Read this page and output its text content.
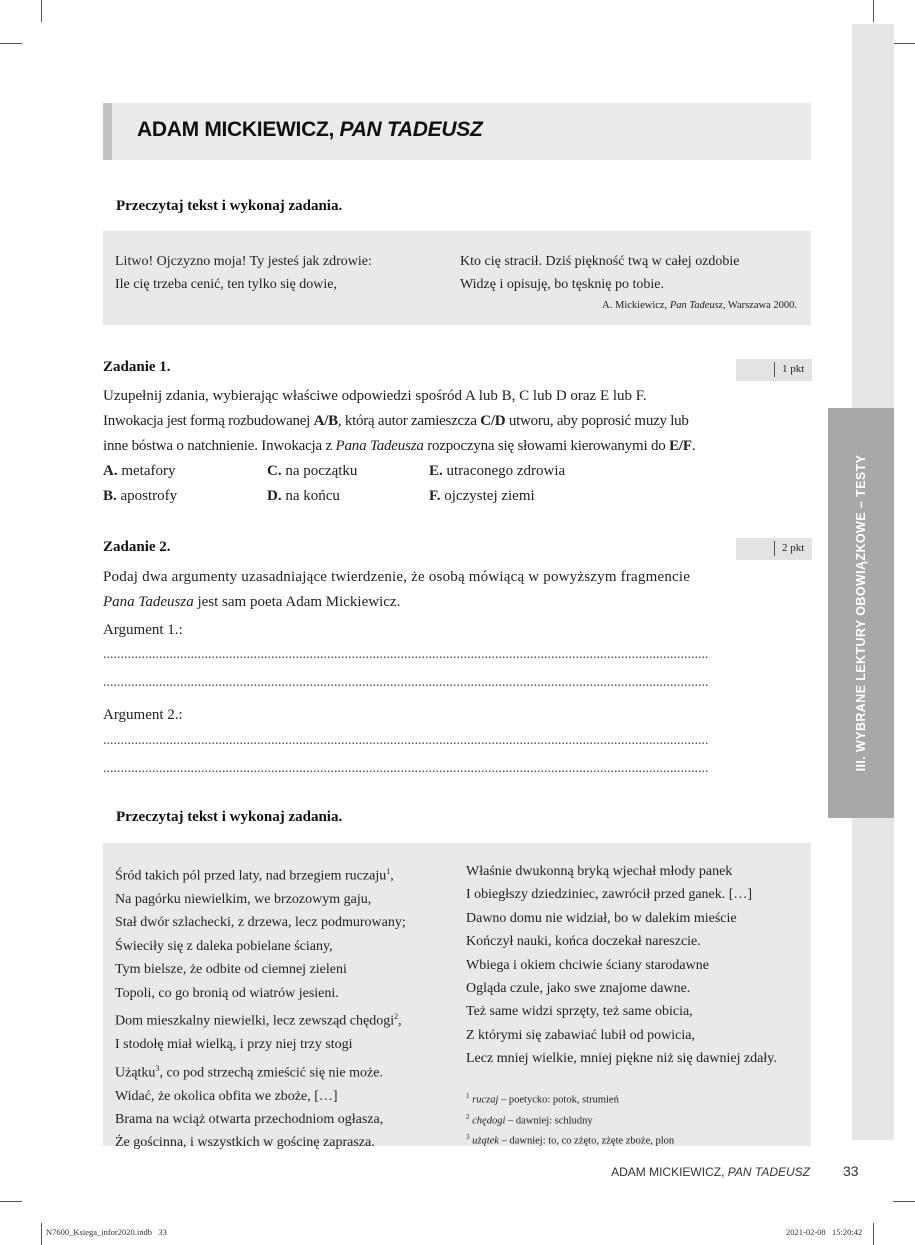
III. WYBRANE LEKTURY OBOWIĄZKOWE – TESTY
ADAM MICKIEWICZ, PAN TADEUSZ
Przeczytaj tekst i wykonaj zadania.
Litwo! Ojczyzno moja! Ty jesteś jak zdrowie:
Ile cię trzeba cenić, ten tylko się dowie,
Kto cię stracił. Dziś piękność twą w całej ozdobie
Widzę i opisuję, bo tęsknię po tobie.
A. Mickiewicz, Pan Tadeusz, Warszawa 2000.
Zadanie 1.	1 pkt
Uzupełnij zdania, wybierając właściwe odpowiedzi spośród A lub B, C lub D oraz E lub F.
Inwokacja jest formą rozbudowanej A/B, którą autor zamieszcza C/D utworu, aby poprosić muzy lub
inne bóstwa o natchnienie. Inwokacja z Pana Tadeusza rozpoczyna się słowami kierowanymi do E/F.
A. metafory	C. na początku	E. utraconego zdrowia
B. apostrofy	D. na końcu	F. ojczystej ziemi
Zadanie 2.	2 pkt
Podaj dwa argumenty uzasadniające twierdzenie, że osobą mówiącą w powyższym fragmencie
Pana Tadeusza jest sam poeta Adam Mickiewicz.
Argument 1.:
.............................................................................................................................................................................
.............................................................................................................................................................................
Argument 2.:
.............................................................................................................................................................................
.............................................................................................................................................................................
Przeczytaj tekst i wykonaj zadania.
Śród takich pól przed laty, nad brzegiem ruczaju$^1$,
Na pagórku niewielkim, we brzozowym gaju,
Stał dwór szlachecki, z drzewa, lecz podmurowany;
Świeciły się z daleka pobielane ściany,
Tym bielsze, że odbite od ciemnej zieleni
Topoli, co go bronią od wiatrów jesieni.
Dom mieszkalny niewielki, lecz zewsząd chędogi$^2$,
I stodołę miał wielką, i przy niej trzy stogi
Użątku$^3$, co pod strzechą zmieścić się nie może.
Widać, że okolica obfita we zboże, […]
Brama na wciąż otwarta przechodniom ogłasza,
Że gościnna, i wszystkich w gościnę zaprasza.
Właśnie dwukonną bryką wjechał młody panek
I obiegłszy dziedziniec, zawrócił przed ganek. […]
Dawno domu nie widział, bo w dalekim mieście
Kończył nauki, końca doczekał nareszcie.
Wbiega i okiem chciwie ściany starodawne
Ogląda czule, jako swe znajome dawne.
Też same widzi sprzęty, też same obicia,
Z którymi się zabawiać lubił od powicia,
Lecz mniej wielkie, mniej piękne niż się dawniej zdały.
$^1$ ruczaj – poetycko: potok, strumień
$^2$ chędogi – dawniej: schludny
$^3$ użątek – dawniej: to, co zżęto, zżęte zboże, plon
ADAM MICKIEWICZ, PAN TADEUSZ 33
N7600_Ksiega_infor2020.indb   33	2021-02-08   15:20:42
